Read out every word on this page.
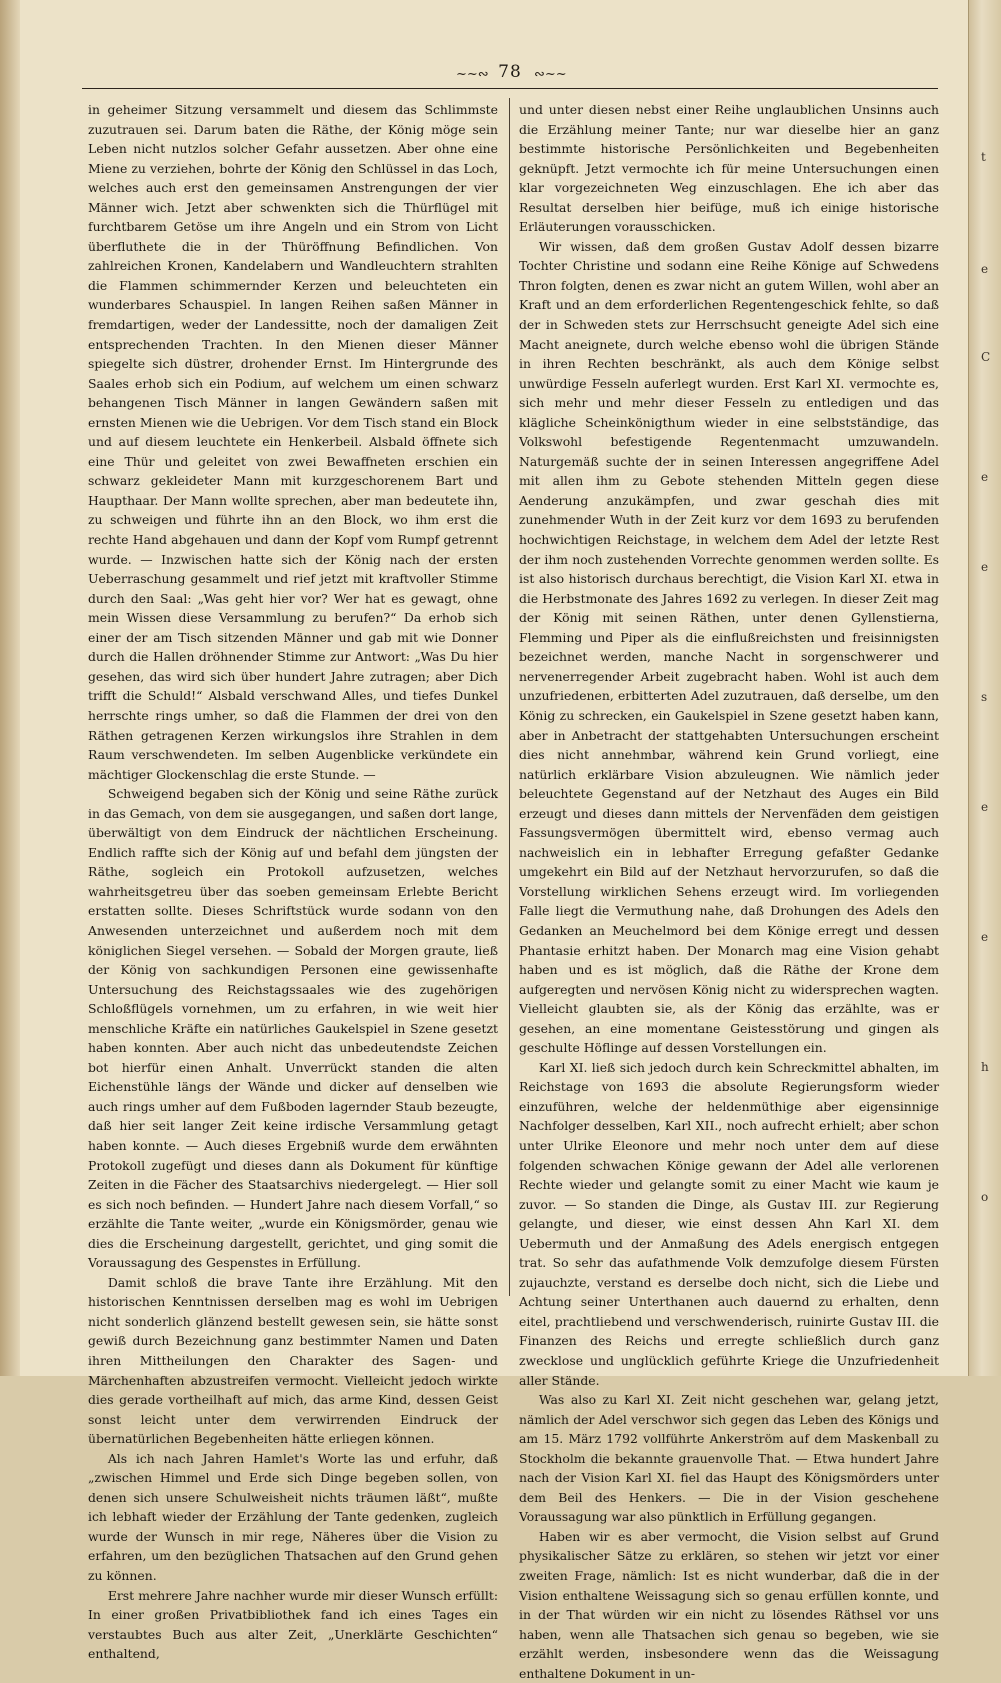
~~∾ 78 ∾~~

in geheimer Sitzung versammelt und diesem das Schlimmste zuzutrauen sei. Darum baten die Räthe, der König möge sein Leben nicht nutzlos solcher Gefahr aussetzen. Aber ohne eine Miene zu verziehen, bohrte der König den Schlüssel in das Loch, welches auch erst den gemeinsamen Anstrengungen der vier Männer wich. Jetzt aber schwenkten sich die Thürflügel mit furchtbarem Getöse um ihre Angeln und ein Strom von Licht überfluthete die in der Thüröffnung Befindlichen. Von zahlreichen Kronen, Kandelabern und Wandleuchtern strahlten die Flammen schimmernder Kerzen und beleuchteten ein wunderbares Schauspiel. In langen Reihen saßen Männer in fremdartigen, weder der Landessitte, noch der damaligen Zeit entsprechenden Trachten. In den Mienen dieser Männer spiegelte sich düstrer, drohender Ernst. Im Hintergrunde des Saales erhob sich ein Podium, auf welchem um einen schwarz behangenen Tisch Männer in langen Gewändern saßen mit ernsten Mienen wie die Uebrigen. Vor dem Tisch stand ein Block und auf diesem leuchtete ein Henkerbeil. Alsbald öffnete sich eine Thür und geleitet von zwei Bewaffneten erschien ein schwarz gekleideter Mann mit kurzgeschorenem Bart und Haupthaar. Der Mann wollte sprechen, aber man bedeutete ihn, zu schweigen und führte ihn an den Block, wo ihm erst die rechte Hand abgehauen und dann der Kopf vom Rumpf getrennt wurde. — Inzwischen hatte sich der König nach der ersten Ueberraschung gesammelt und rief jetzt mit kraftvoller Stimme durch den Saal: „Was geht hier vor? Wer hat es gewagt, ohne mein Wissen diese Versammlung zu berufen?“ Da erhob sich einer der am Tisch sitzenden Männer und gab mit wie Donner durch die Hallen dröhnender Stimme zur Antwort: „Was Du hier gesehen, das wird sich über hundert Jahre zutragen; aber Dich trifft die Schuld!“ Alsbald verschwand Alles, und tiefes Dunkel herrschte rings umher, so daß die Flammen der drei von den Räthen getragenen Kerzen wirkungslos ihre Strahlen in dem Raum verschwendeten. Im selben Augenblicke verkündete ein mächtiger Glockenschlag die erste Stunde. —

Schweigend begaben sich der König und seine Räthe zurück in das Gemach, von dem sie ausgegangen, und saßen dort lange, überwältigt von dem Eindruck der nächtlichen Erscheinung. Endlich raffte sich der König auf und befahl dem jüngsten der Räthe, sogleich ein Protokoll aufzusetzen, welches wahrheitsgetreu über das soeben gemeinsam Erlebte Bericht erstatten sollte. Dieses Schriftstück wurde sodann von den Anwesenden unterzeichnet und außerdem noch mit dem königlichen Siegel versehen. — Sobald der Morgen graute, ließ der König von sachkundigen Personen eine gewissenhafte Untersuchung des Reichstagssaales wie des zugehörigen Schloßflügels vornehmen, um zu erfahren, in wie weit hier menschliche Kräfte ein natürliches Gaukelspiel in Szene gesetzt haben konnten. Aber auch nicht das unbedeutendste Zeichen bot hierfür einen Anhalt. Unverrückt standen die alten Eichenstühle längs der Wände und dicker auf denselben wie auch rings umher auf dem Fußboden lagernder Staub bezeugte, daß hier seit langer Zeit keine irdische Versammlung getagt haben konnte. — Auch dieses Ergebniß wurde dem erwähnten Protokoll zugefügt und dieses dann als Dokument für künftige Zeiten in die Fächer des Staatsarchivs niedergelegt. — Hier soll es sich noch befinden. — Hundert Jahre nach diesem Vorfall,“ so erzählte die Tante weiter, „wurde ein Königsmörder, genau wie dies die Erscheinung dargestellt, gerichtet, und ging somit die Voraussagung des Gespenstes in Erfüllung.

Damit schloß die brave Tante ihre Erzählung. Mit den historischen Kenntnissen derselben mag es wohl im Uebrigen nicht sonderlich glänzend bestellt gewesen sein, sie hätte sonst gewiß durch Bezeichnung ganz bestimmter Namen und Daten ihren Mittheilungen den Charakter des Sagen- und Märchenhaften abzustreifen vermocht. Vielleicht jedoch wirkte dies gerade vortheilhaft auf mich, das arme Kind, dessen Geist sonst leicht unter dem verwirrenden Eindruck der übernatürlichen Begebenheiten hätte erliegen können.

Als ich nach Jahren Hamlet's Worte las und erfuhr, daß „zwischen Himmel und Erde sich Dinge begeben sollen, von denen sich unsere Schulweisheit nichts träumen läßt“, mußte ich lebhaft wieder der Erzählung der Tante gedenken, zugleich wurde der Wunsch in mir rege, Näheres über die Vision zu erfahren, um den bezüglichen Thatsachen auf den Grund gehen zu können.

Erst mehrere Jahre nachher wurde mir dieser Wunsch erfüllt: In einer großen Privatbibliothek fand ich eines Tages ein verstaubtes Buch aus alter Zeit, „Unerklärte Geschichten“ enthaltend,

und unter diesen nebst einer Reihe unglaublichen Unsinns auch die Erzählung meiner Tante; nur war dieselbe hier an ganz bestimmte historische Persönlichkeiten und Begebenheiten geknüpft. Jetzt vermochte ich für meine Untersuchungen einen klar vorgezeichneten Weg einzuschlagen. Ehe ich aber das Resultat derselben hier beifüge, muß ich einige historische Erläuterungen vorausschicken.

Wir wissen, daß dem großen Gustav Adolf dessen bizarre Tochter Christine und sodann eine Reihe Könige auf Schwedens Thron folgten, denen es zwar nicht an gutem Willen, wohl aber an Kraft und an dem erforderlichen Regentengeschick fehlte, so daß der in Schweden stets zur Herrschsucht geneigte Adel sich eine Macht aneignete, durch welche ebenso wohl die übrigen Stände in ihren Rechten beschränkt, als auch dem Könige selbst unwürdige Fesseln auferlegt wurden. Erst Karl XI. vermochte es, sich mehr und mehr dieser Fesseln zu entledigen und das klägliche Scheinkönigthum wieder in eine selbstständige, das Volkswohl befestigende Regentenmacht umzuwandeln. Naturgemäß suchte der in seinen Interessen angegriffene Adel mit allen ihm zu Gebote stehenden Mitteln gegen diese Aenderung anzukämpfen, und zwar geschah dies mit zunehmender Wuth in der Zeit kurz vor dem 1693 zu berufenden hochwichtigen Reichstage, in welchem dem Adel der letzte Rest der ihm noch zustehenden Vorrechte genommen werden sollte. Es ist also historisch durchaus berechtigt, die Vision Karl XI. etwa in die Herbstmonate des Jahres 1692 zu verlegen. In dieser Zeit mag der König mit seinen Räthen, unter denen Gyllenstierna, Flemming und Piper als die einflußreichsten und freisinnigsten bezeichnet werden, manche Nacht in sorgenschwerer und nervenerregender Arbeit zugebracht haben. Wohl ist auch dem unzufriedenen, erbitterten Adel zuzutrauen, daß derselbe, um den König zu schrecken, ein Gaukelspiel in Szene gesetzt haben kann, aber in Anbetracht der stattgehabten Untersuchungen erscheint dies nicht annehmbar, während kein Grund vorliegt, eine natürlich erklärbare Vision abzuleugnen. Wie nämlich jeder beleuchtete Gegenstand auf der Netzhaut des Auges ein Bild erzeugt und dieses dann mittels der Nervenfäden dem geistigen Fassungsvermögen übermittelt wird, ebenso vermag auch nachweislich ein in lebhafter Erregung gefaßter Gedanke umgekehrt ein Bild auf der Netzhaut hervorzurufen, so daß die Vorstellung wirklichen Sehens erzeugt wird. Im vorliegenden Falle liegt die Vermuthung nahe, daß Drohungen des Adels den Gedanken an Meuchelmord bei dem Könige erregt und dessen Phantasie erhitzt haben. Der Monarch mag eine Vision gehabt haben und es ist möglich, daß die Räthe der Krone dem aufgeregten und nervösen König nicht zu widersprechen wagten. Vielleicht glaubten sie, als der König das erzählte, was er gesehen, an eine momentane Geistesstörung und gingen als geschulte Höflinge auf dessen Vorstellungen ein.

Karl XI. ließ sich jedoch durch kein Schreckmittel abhalten, im Reichstage von 1693 die absolute Regierungsform wieder einzuführen, welche der heldenmüthige aber eigensinnige Nachfolger desselben, Karl XII., noch aufrecht erhielt; aber schon unter Ulrike Eleonore und mehr noch unter dem auf diese folgenden schwachen Könige gewann der Adel alle verlorenen Rechte wieder und gelangte somit zu einer Macht wie kaum je zuvor. — So standen die Dinge, als Gustav III. zur Regierung gelangte, und dieser, wie einst dessen Ahn Karl XI. dem Uebermuth und der Anmaßung des Adels energisch entgegen trat. So sehr das aufathmende Volk demzufolge diesem Fürsten zujauchzte, verstand es derselbe doch nicht, sich die Liebe und Achtung seiner Unterthanen auch dauernd zu erhalten, denn eitel, prachtliebend und verschwenderisch, ruinirte Gustav III. die Finanzen des Reichs und erregte schließlich durch ganz zwecklose und unglücklich geführte Kriege die Unzufriedenheit aller Stände.

Was also zu Karl XI. Zeit nicht geschehen war, gelang jetzt, nämlich der Adel verschwor sich gegen das Leben des Königs und am 15. März 1792 vollführte Ankerström auf dem Maskenball zu Stockholm die bekannte grauenvolle That. — Etwa hundert Jahre nach der Vision Karl XI. fiel das Haupt des Königsmörders unter dem Beil des Henkers. — Die in der Vision geschehene Voraussagung war also pünktlich in Erfüllung gegangen.

Haben wir es aber vermocht, die Vision selbst auf Grund physikalischer Sätze zu erklären, so stehen wir jetzt vor einer zweiten Frage, nämlich: Ist es nicht wunderbar, daß die in der Vision enthaltene Weissagung sich so genau erfüllen konnte, und in der That würden wir ein nicht zu lösendes Räthsel vor uns haben, wenn alle Thatsachen sich genau so begeben, wie sie erzählt werden, insbesondere wenn das die Weissagung enthaltene Dokument in un-

t
e
C
e
e
s
e
e
h
o
